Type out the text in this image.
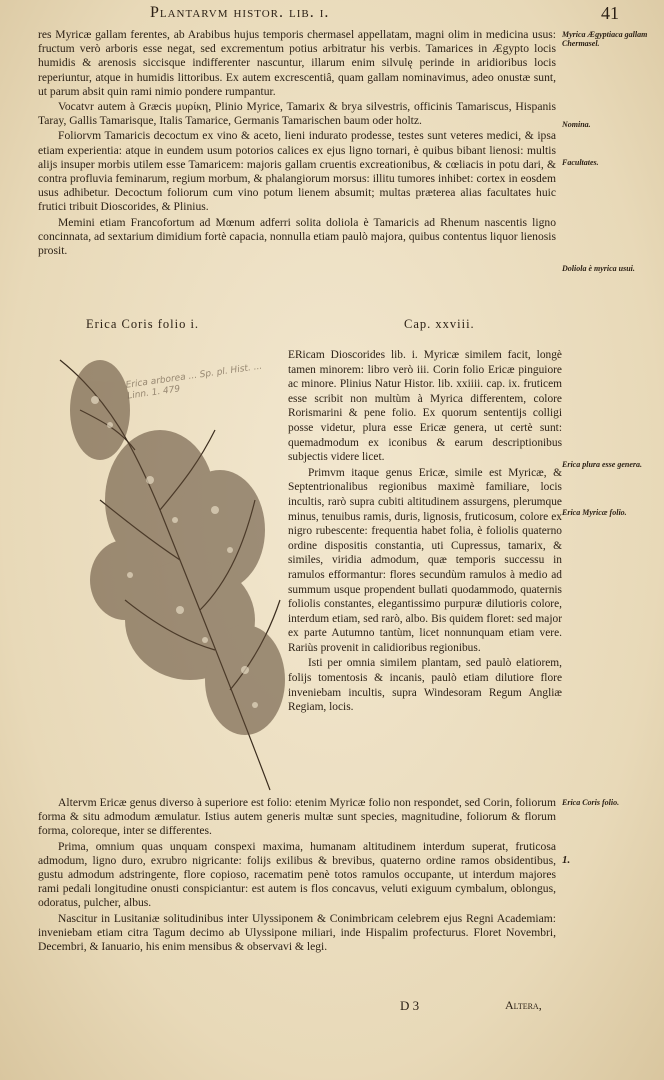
Plantarvm histor. lib. i.	41

res Myricæ gallam ferentes, ab Arabibus hujus temporis chermasel appellatam, magni olim in medicina usus: fructum verò arboris esse negat, sed excrementum potius arbitratur his verbis. Tamarices in Ægypto locis humidis & arenosis siccisque indifferenter nascuntur, illarum enim silvulę perinde in aridioribus locis reperiuntur, atque in humidis littoribus. Ex autem excrescentiâ, quam gallam nominavimus, adeo onustæ sunt, ut parum absit quin rami nimio pondere rumpantur.

Vocatvr autem à Græcis μυρίκη, Plinio Myrice, Tamarix & brya silvestris, officinis Tamariscus, Hispanis Taray, Gallis Tamarisque, Italis Tamarice, Germanis Tamarischen baum oder holtz.

Foliorvm Tamaricis decoctum ex vino & aceto, lieni indurato prodesse, testes sunt veteres medici, & ipsa etiam experientia: atque in eundem usum potorios calices ex ejus ligno tornari, è quibus bibant lienosi: multis alijs insuper morbis utilem esse Tamaricem: majoris gallam cruentis excreationibus, & cœliacis in potu dari, & contra profluvia feminarum, regium morbum, & phalangiorum morsus: illitu tumores inhibet: cortex in eosdem usus adhibetur. Decoctum foliorum cum vino potum lienem absumit; multas præterea alias facultates huic frutici tribuit Dioscorides, & Plinius.

Memini etiam Francofortum ad Mœnum adferri solita doliola è Tamaricis ad Rhenum nascentis ligno concinnata, ad sextarium dimidium fortè capacia, nonnulla etiam paulò majora, quibus contentus liquor lienosis prosit.

Myrica Ægyptiaca gallam Chermasel.
Nomina.
Facultates.
Doliola è myrica usui.
Erica Coris folio i.	Cap. xxviii.
Erica arborea ... Sp. pl. Hist. ... Linn. 1. 479

ERicam Dioscorides lib. i. Myricæ similem facit, longè tamen minorem: libro verò iii. Corin folio Ericæ pinguiore ac minore. Plinius Natur Histor. lib. xxiiii. cap. ix. fruticem esse scribit non multùm à Myrica differentem, colore Rorismarini & pene folio. Ex quorum sententijs colligi posse videtur, plura esse Ericæ genera, ut certè sunt: quemadmodum ex iconibus & earum descriptionibus subjectis videre licet.

Primvm itaque genus Ericæ, simile est Myricæ, & Septentrionalibus regionibus maximè familiare, locis incultis, rarò supra cubiti altitudinem assurgens, plerumque minus, tenuibus ramis, duris, lignosis, fruticosum, colore ex nigro rubescente: frequentia habet folia, è foliolis quaterno ordine dispositis constantia, uti Cupressus, tamarix, & similes, viridia admodum, quæ temporis successu in ramulos efformantur: flores secundùm ramulos à medio ad summum usque propendent bullati quodammodo, quaternis foliolis constantes, elegantissimo purpuræ dilutioris colore, interdum etiam, sed rarò, albo. Bis quidem floret: sed major ex parte Autumno tantùm, licet nonnunquam etiam vere. Rariùs provenit in calidioribus regionibus.

Isti per omnia similem plantam, sed paulò elatiorem, folijs tomentosis & incanis, paulò etiam dilutiore flore inveniebam incultis, supra Windesoram Regum Angliæ Regiam, locis.

Erica plura esse genera.
Erica Myricæ folio.

Altervm Ericæ genus diverso à superiore est folio: etenim Myricæ folio non respondet, sed Corin, foliorum forma & situ admodum æmulatur. Istius autem generis multæ sunt species, magnitudine, foliorum & florum forma, coloreque, inter se differentes.

Prima, omnium quas unquam conspexi maxima, humanam altitudinem interdum superat, fruticosa admodum, ligno duro, exrubro nigricante: folijs exilibus & brevibus, quaterno ordine ramos obsidentibus, gustu admodum adstringente, flore copioso, racematim penè totos ramulos occupante, ut interdum majores rami pedali longitudine onusti conspiciantur: est autem is flos concavus, veluti exiguum cymbalum, oblongus, odoratus, pulcher, albus.

Nascitur in Lusitaniæ solitudinibus inter Ulyssiponem & Conimbricam celebrem ejus Regni Academiam: inveniebam etiam citra Tagum decimo ab Ulyssipone miliari, inde Hispalim profecturus. Floret Novembri, Decembri, & Ianuario, his enim mensibus & observavi & legi.

Erica Coris folio.
1.
D 3	Altera,
